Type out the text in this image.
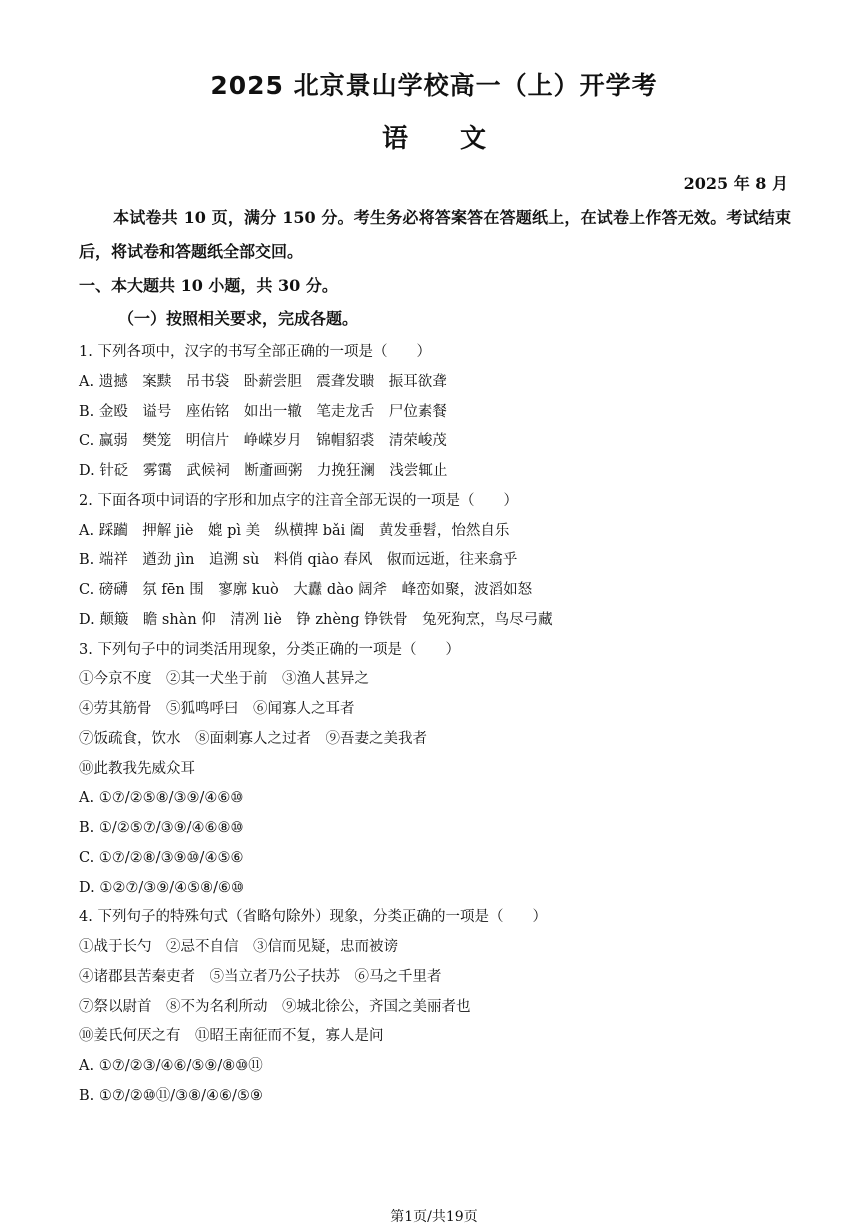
2025 北京景山学校高一（上）开学考
语文
2025 年 8 月
本试卷共 10 页，满分 150 分。考生务必将答案答在答题纸上，在试卷上作答无效。考试结束后，将试卷和答题纸全部交回。
一、本大题共 10 小题，共 30 分。
（一）按照相关要求，完成各题。
1. 下列各项中，汉字的书写全部正确的一项是（　　）
A. 遗撼　案黩　吊书袋　卧薪尝胆　震聋发聩　振耳欲聋
B. 金殴　谥号　座佑铭　如出一辙　笔走龙舌　尸位素餐
C. 赢弱　樊笼　明信片　峥嵘岁月　锦帽貂裘　清荣峻茂
D. 针砭　雾霭　武候祠　断齑画粥　力挽狂澜　浅尝辄止
2. 下面各项中词语的字形和加点字的注音全部无误的一项是（　　）
A. 踩躏　押解 jiè　媲 pì 美　纵横捭 bǎi 阖　黄发垂髫，怡然自乐
B. 端祥　遒劲 jìn　追溯 sù　料俏 qiào 春风　俶而远逝，往来翕乎
C. 磅礴　氛 fēn 围　寥廓 kuò　大纛 dào 阔斧　峰峦如聚，波滔如怒
D. 颠簸　瞻 shàn 仰　清冽 liè　铮 zhèng 铮铁骨　兔死狗烹，鸟尽弓藏
3. 下列句子中的词类活用现象，分类正确的一项是（　　）
①今京不度　②其一犬坐于前　③渔人甚异之
④劳其筋骨　⑤狐鸣呼曰　⑥闻寡人之耳者
⑦饭疏食，饮水　⑧面刺寡人之过者　⑨吾妻之美我者
⑩此教我先威众耳
A. ①⑦/②⑤⑧/③⑨/④⑥⑩
B. ①/②⑤⑦/③⑨/④⑥⑧⑩
C. ①⑦/②⑧/③⑨⑩/④⑤⑥
D. ①②⑦/③⑨/④⑤⑧/⑥⑩
4. 下列句子的特殊句式（省略句除外）现象，分类正确的一项是（　　）
①战于长勺　②忌不自信　③信而见疑，忠而被谤
④诸郡县苦秦吏者　⑤当立者乃公子扶苏　⑥马之千里者
⑦祭以尉首　⑧不为名利所动　⑨城北徐公，齐国之美丽者也
⑩姜氏何厌之有　⑪昭王南征而不复，寡人是问
A. ①⑦/②③/④⑥/⑤⑨/⑧⑩⑪
B. ①⑦/②⑩⑪/③⑧/④⑥/⑤⑨
第1页/共19页
